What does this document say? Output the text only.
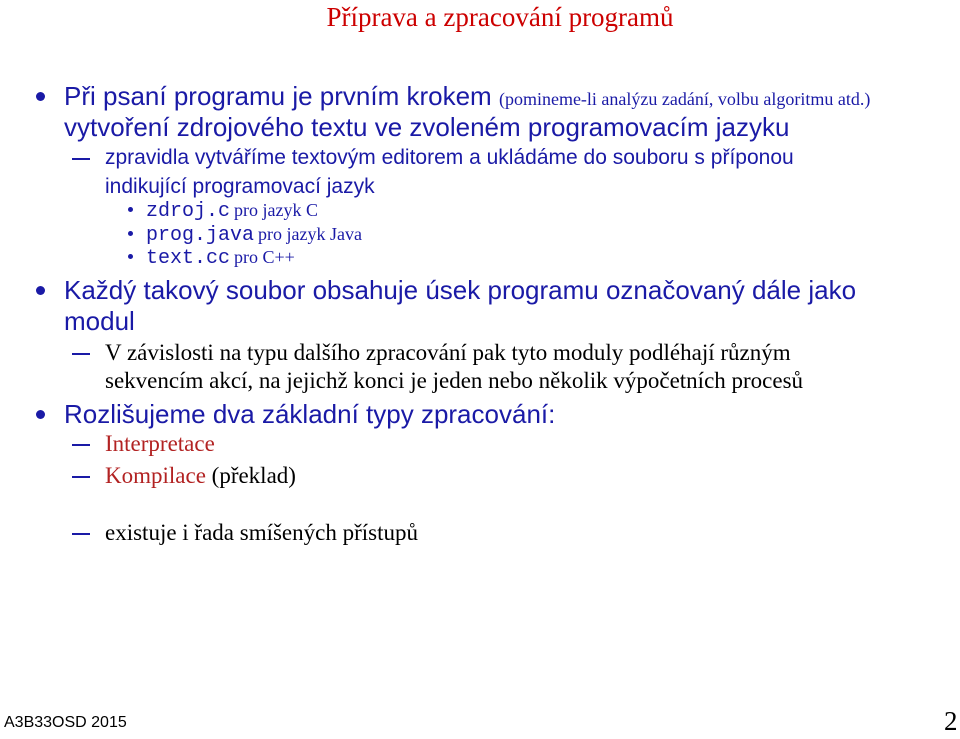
Příprava a zpracování programů
Při psaní programu je prvním krokem (pomineme-li analýzu zadání, volbu algoritmu atd.)
vytvoření zdrojového textu ve zvoleném programovacím jazyku
zpravidla vytváříme textovým editorem a ukládáme do souboru s příponou
indikující programovací jazyk
zdroj.c pro jazyk C
prog.java pro jazyk Java
text.cc pro C++
Každý takový soubor obsahuje úsek programu označovaný dále jako
modul
V závislosti na typu dalšího zpracování pak tyto moduly podléhají různým
sekvencím akcí, na jejichž konci je jeden nebo několik výpočetních procesů
Rozlišujeme dva základní typy zpracování:
Interpretace
Kompilace (překlad)
existuje i řada smíšených přístupů
A3B33OSD 2015	2
